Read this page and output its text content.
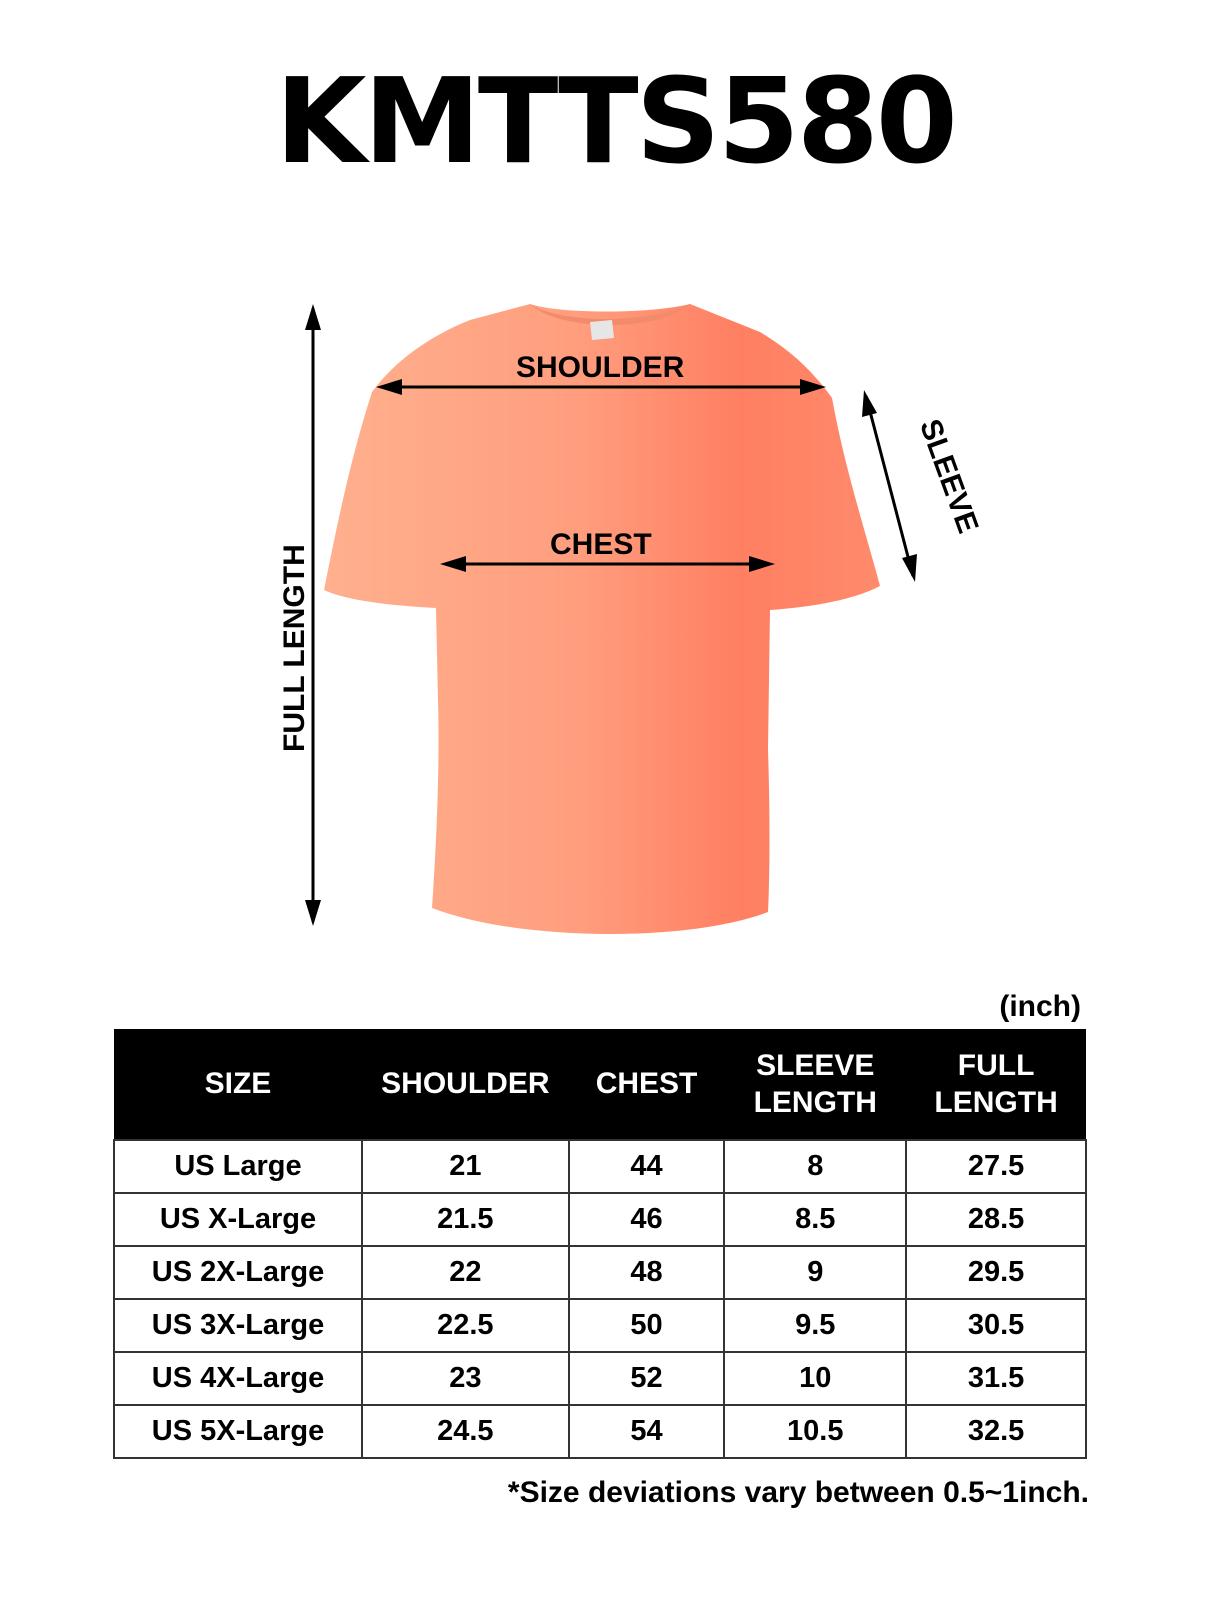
KMTTS580
SHOULDER
CHEST
FULL LENGTH
SLEEVE
(inch)
SIZE	SHOULDER	CHEST	SLEEVE LENGTH	FULL LENGTH
US Large	21	44	8	27.5
US X-Large	21.5	46	8.5	28.5
US 2X-Large	22	48	9	29.5
US 3X-Large	22.5	50	9.5	30.5
US 4X-Large	23	52	10	31.5
US 5X-Large	24.5	54	10.5	32.5
*Size deviations vary between 0.5~1inch.
